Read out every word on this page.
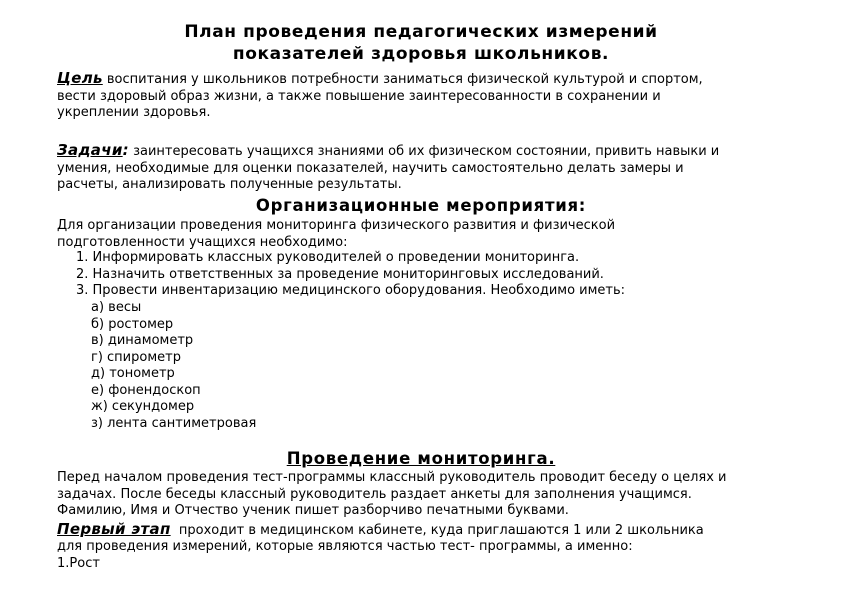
План проведения педагогических измерений
показателей здоровья школьников.
Цель воспитания у школьников потребности заниматься физической культурой и спортом,
вести здоровый образ жизни, а также повышение заинтересованности в сохранении и
укреплении здоровья.
Задачи: заинтересовать учащихся знаниями об их физическом состоянии, привить навыки и
умения, необходимые для оценки показателей, научить самостоятельно делать замеры и
расчеты, анализировать полученные результаты.
Организационные мероприятия:
Для организации проведения мониторинга физического развития и физической
подготовленности учащихся необходимо:
1. Информировать классных руководителей о проведении мониторинга.
2. Назначить ответственных за проведение мониторинговых исследований.
3. Провести инвентаризацию медицинского оборудования. Необходимо иметь:
а) весы
б) ростомер
в) динамометр
г) спирометр
д) тонометр
е) фонендоскоп
ж) секундомер
з) лента сантиметровая
Проведение мониторинга.
Перед началом проведения тест-программы классный руководитель проводит беседу о целях и
задачах. После беседы классный руководитель раздает анкеты для заполнения учащимся.
Фамилию, Имя и Отчество ученик пишет разборчиво печатными буквами.
Первый этап  проходит в медицинском кабинете, куда приглашаются 1 или 2 школьника
для проведения измерений, которые являются частью тест- программы, а именно:
1.Рост
